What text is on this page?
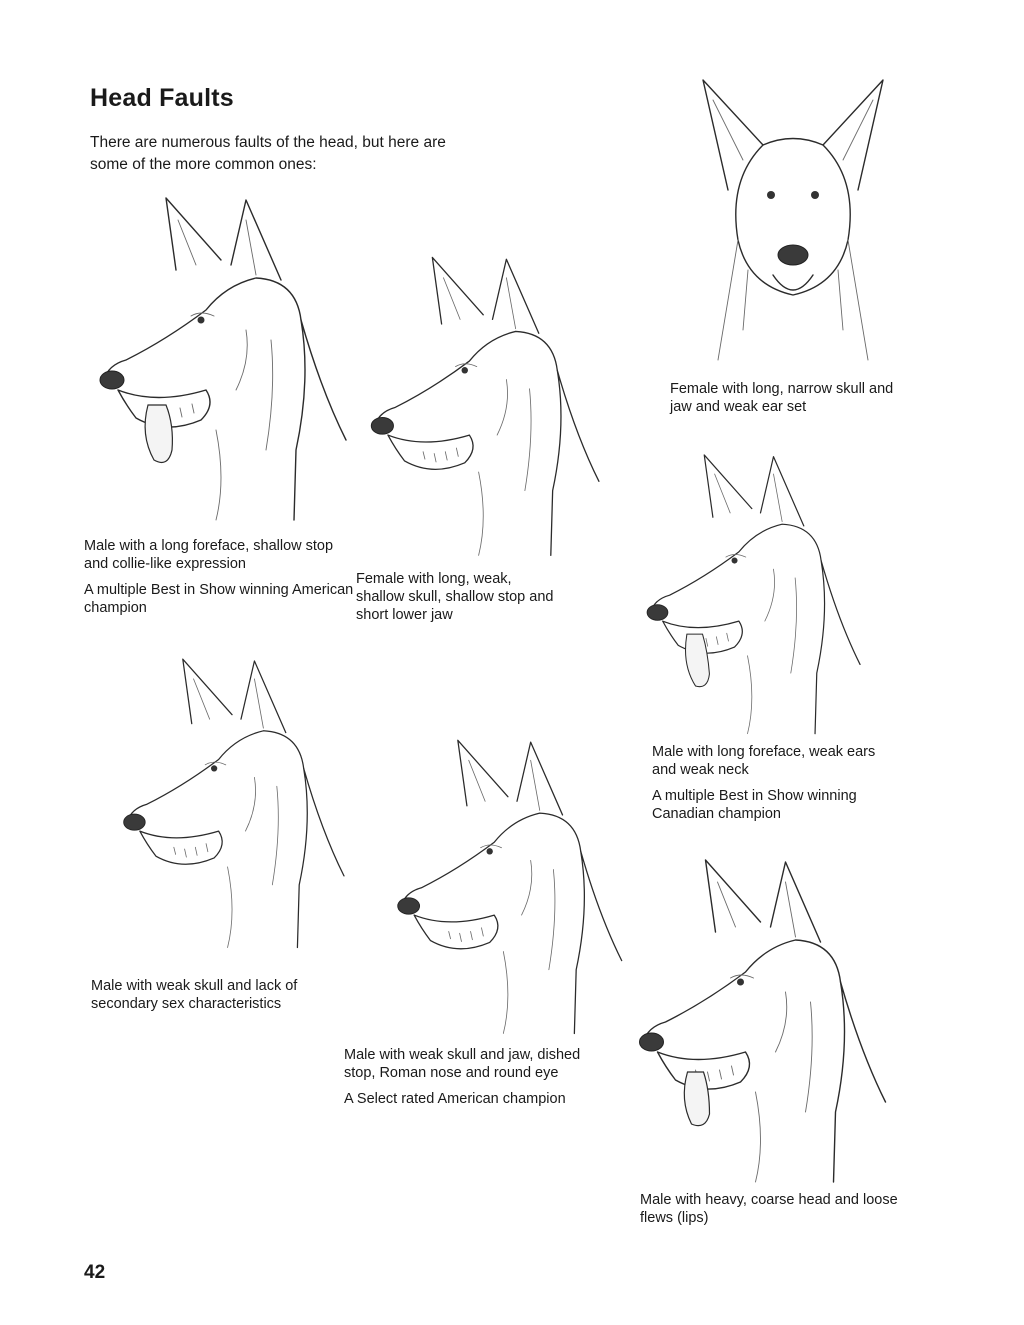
Head Faults

There are numerous faults of the head, but here are some of the more common ones:

Male with a long foreface, shallow stop and collie-like expression

A multiple Best in Show winning American champion

Female with long, weak, shallow skull, shallow stop and short lower jaw

Female with long, narrow skull and jaw and weak ear set

Male with long foreface, weak ears and weak neck

A multiple Best in Show winning Canadian champion

Male with weak skull and lack of secondary sex characteristics

Male with weak skull and jaw, dished stop, Roman nose and round eye

A Select rated American champion

Male with heavy, coarse head and loose flews (lips)

42
